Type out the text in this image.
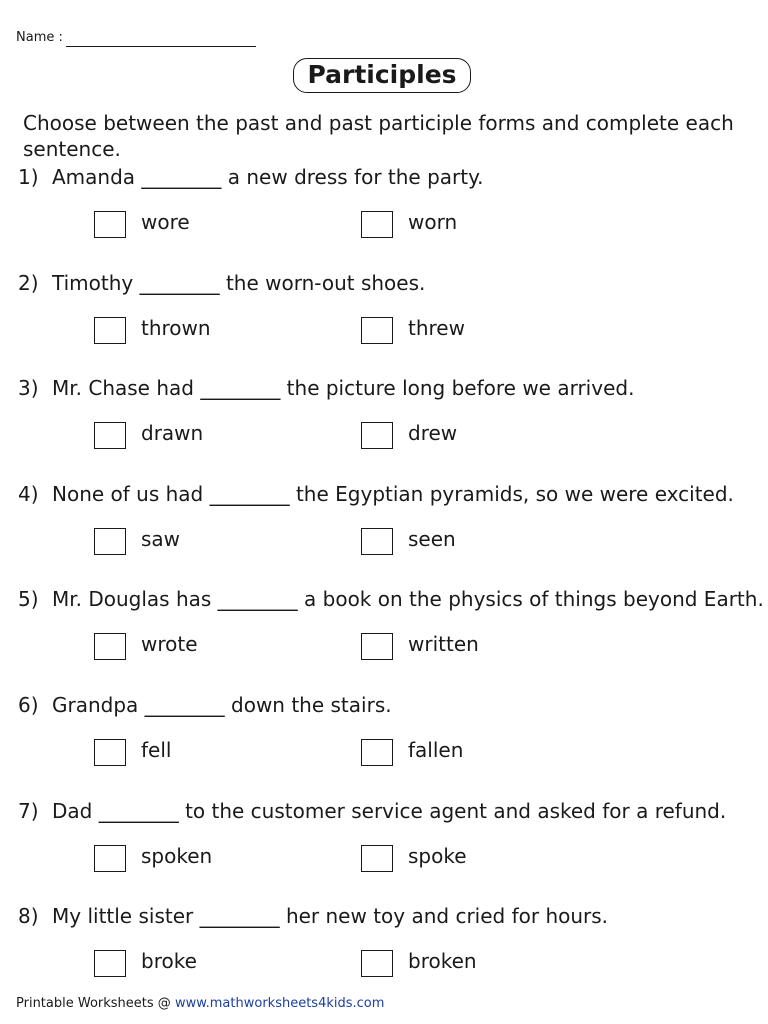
Name :
Participles
Choose between the past and past participle forms and complete each sentence.
1) Amanda ________ a new dress for the party.
wore	worn
2) Timothy ________ the worn-out shoes.
thrown	threw
3) Mr. Chase had ________ the picture long before we arrived.
drawn	drew
4) None of us had ________ the Egyptian pyramids, so we were excited.
saw	seen
5) Mr. Douglas has ________ a book on the physics of things beyond Earth.
wrote	written
6) Grandpa ________ down the stairs.
fell	fallen
7) Dad ________ to the customer service agent and asked for a refund.
spoken	spoke
8) My little sister ________ her new toy and cried for hours.
broke	broken
Printable Worksheets @ www.mathworksheets4kids.com
